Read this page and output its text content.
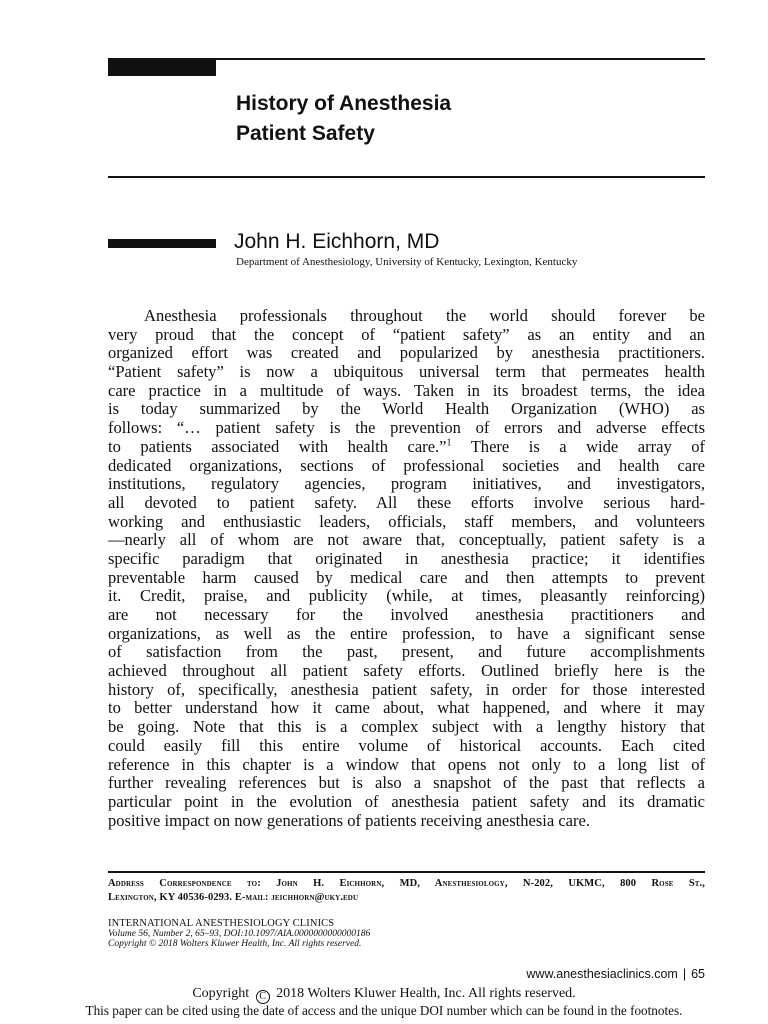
History of Anesthesia
Patient Safety
John H. Eichhorn, MD
Department of Anesthesiology, University of Kentucky, Lexington, Kentucky
Anesthesia professionals throughout the world should forever be
very proud that the concept of “patient safety” as an entity and an
organized effort was created and popularized by anesthesia practitioners.
“Patient safety” is now a ubiquitous universal term that permeates health
care practice in a multitude of ways. Taken in its broadest terms, the idea
is today summarized by the World Health Organization (WHO) as
follows: “… patient safety is the prevention of errors and adverse effects
to patients associated with health care.”$^1$ There is a wide array of
dedicated organizations, sections of professional societies and health care
institutions, regulatory agencies, program initiatives, and investigators,
all devoted to patient safety. All these efforts involve serious hard-
working and enthusiastic leaders, officials, staff members, and volunteers
—nearly all of whom are not aware that, conceptually, patient safety is a
specific paradigm that originated in anesthesia practice; it identifies
preventable harm caused by medical care and then attempts to prevent
it. Credit, praise, and publicity (while, at times, pleasantly reinforcing)
are not necessary for the involved anesthesia practitioners and
organizations, as well as the entire profession, to have a significant sense
of satisfaction from the past, present, and future accomplishments
achieved throughout all patient safety efforts. Outlined briefly here is the
history of, specifically, anesthesia patient safety, in order for those interested
to better understand how it came about, what happened, and where it may
be going. Note that this is a complex subject with a lengthy history that
could easily fill this entire volume of historical accounts. Each cited
reference in this chapter is a window that opens not only to a long list of
further revealing references but is also a snapshot of the past that reflects a
particular point in the evolution of anesthesia patient safety and its dramatic
positive impact on now generations of patients receiving anesthesia care.
Address Correspondence to: John H. Eichhorn, MD, Anesthesiology, N-202, UKMC, 800 Rose St.,
Lexington, KY 40536-0293. E-mail: jeichhorn@uky.edu
INTERNATIONAL ANESTHESIOLOGY CLINICS
Volume 56, Number 2, 65–93, DOI:10.1097/AIA.0000000000000186
Copyright © 2018 Wolters Kluwer Health, Inc. All rights reserved.
www.anesthesiaclinics.com | 65
Copyright C 2018 Wolters Kluwer Health, Inc. All rights reserved.
This paper can be cited using the date of access and the unique DOI number which can be found in the footnotes.
